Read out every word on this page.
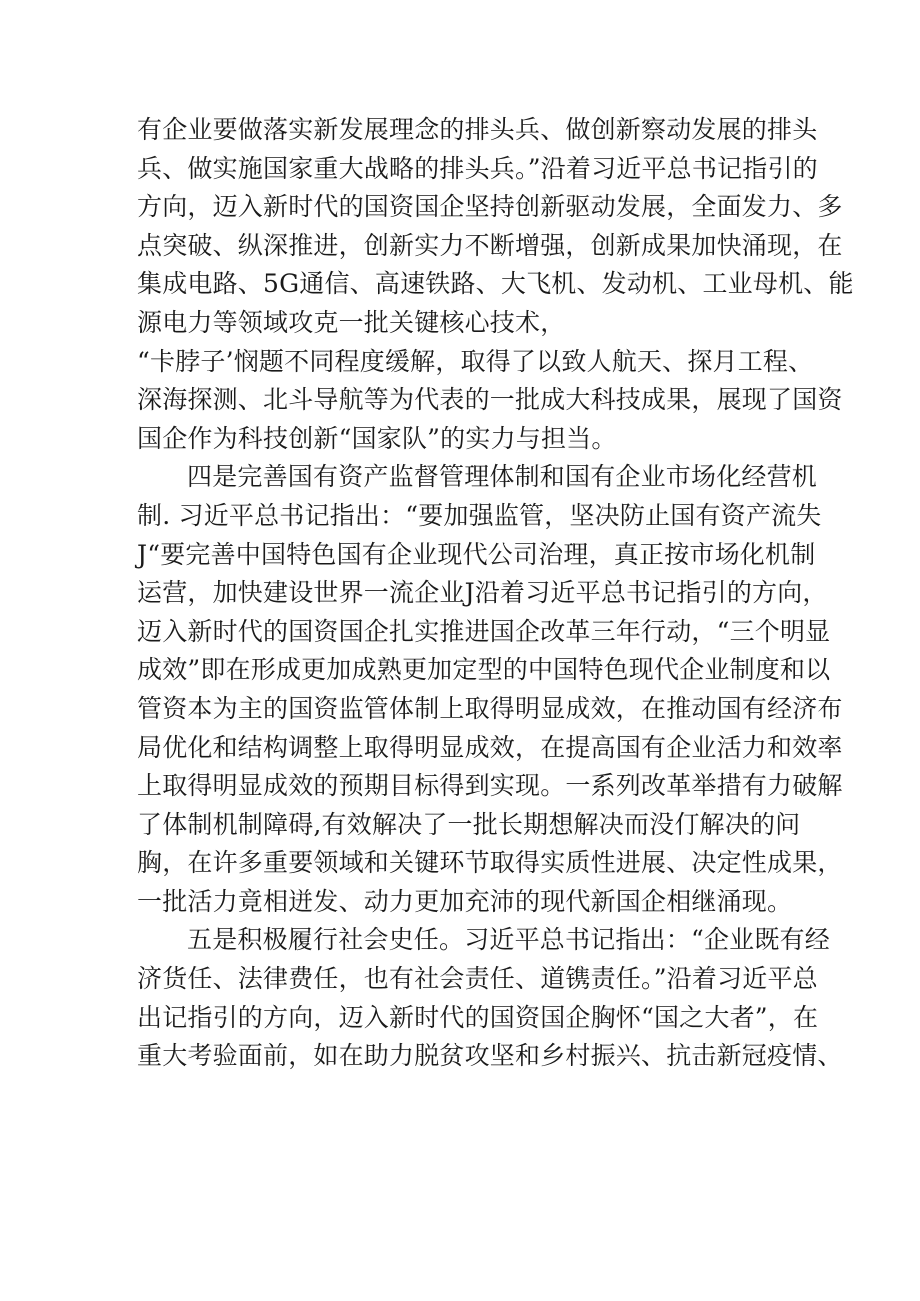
有企业要做落实新发展理念的排头兵、做创新察动发展的排头
兵、做实施国家重大战略的排头兵。”沿着习近平总书记指引的
方向，迈入新时代的国资国企坚持创新驱动发展，全面发力、多
点突破、纵深推进，创新实力不断增强，创新成果加快涌现，在
集成电路、5G通信、高速铁路、大飞机、发动机、工业母机、能
源电力等领域攻克一批关键核心技术，
“卡脖子’悯题不同程度缓解，取得了以致人航天、探月工程、
深海探测、北斗导航等为代表的一批成大科技成果，展现了国资
国企作为科技创新“国家队”的实力与担当。
四是完善国有资产监督管理体制和国有企业市场化经营机
制. 习近平总书记指出：“要加强监管，坚决防止国有资产流失
J“要完善中国特色国有企业现代公司治理，真正按市场化机制
运营，加快建设世界一流企业J沿着习近平总书记指引的方向，
迈入新时代的国资国企扎实推进国企改革三年行动，“三个明显
成效”即在形成更加成熟更加定型的中国特色现代企业制度和以
管资本为主的国资监管体制上取得明显成效，在推动国有经济布
局优化和结构调整上取得明显成效，在提高国有企业活力和效率
上取得明显成效的预期目标得到实现。一系列改革举措有力破解
了体制机制障碍,有效解决了一批长期想解决而没仃解决的问
胸，在许多重要领域和关键环节取得实质性进展、决定性成果，
一批活力竟相迸发、动力更加充沛的现代新国企相继涌现。
五是积极履行社会史任。习近平总书记指出：“企业既有经
济货任、法律费任，也有社会责任、道镌责任。”沿着习近平总
出记指引的方向，迈入新时代的国资国企胸怀“国之大者”，在
重大考验面前，如在助力脱贫攻坚和乡村振兴、抗击新冠疫情、
